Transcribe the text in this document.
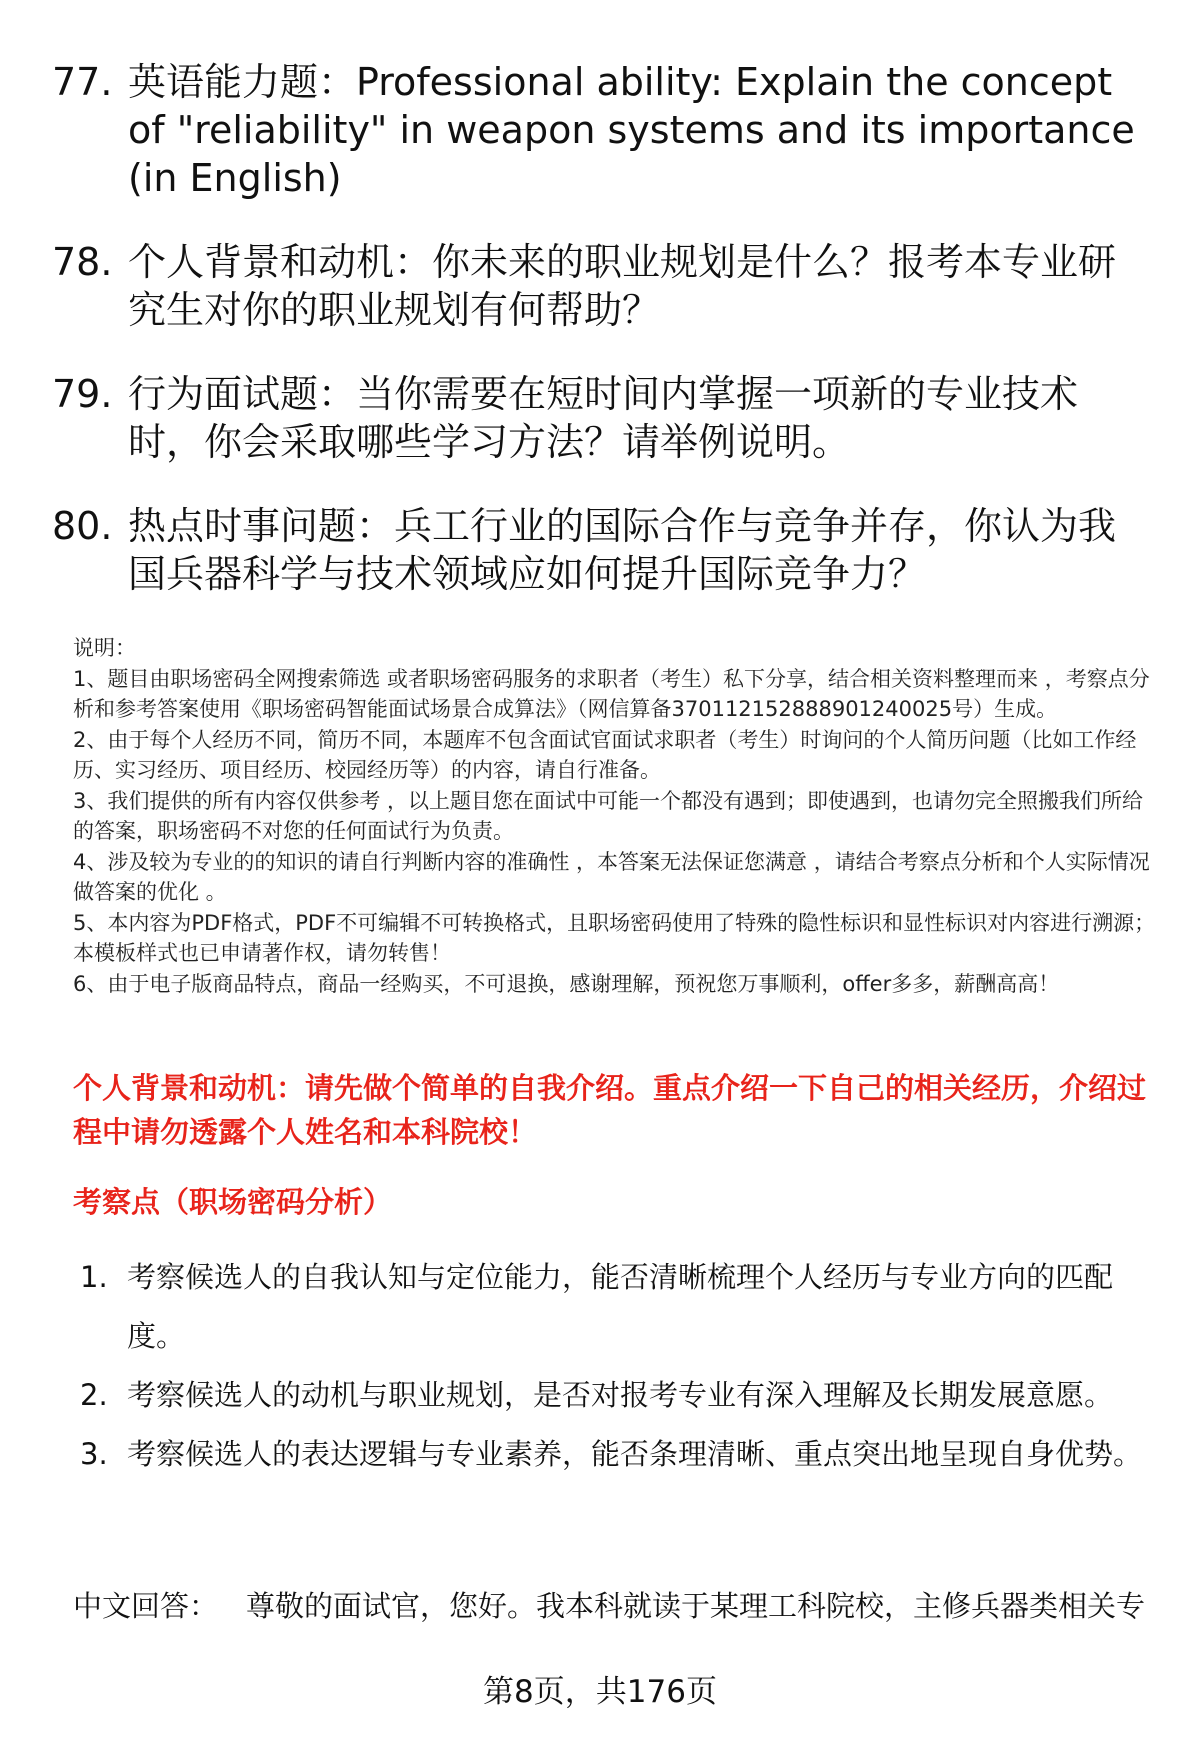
77. 英语能力题：Professional ability: Explain the concept of "reliability" in weapon systems and its importance (in English)
78. 个人背景和动机：你未来的职业规划是什么？报考本专业研究生对你的职业规划有何帮助？
79. 行为面试题：当你需要在短时间内掌握一项新的专业技术时，你会采取哪些学习方法？请举例说明。
80. 热点时事问题：兵工行业的国际合作与竞争并存，你认为我国兵器科学与技术领域应如何提升国际竞争力？

说明：

1、题目由职场密码全网搜索筛选 或者职场密码服务的求职者（考生）私下分享，结合相关资料整理而来 ，考察点分析和参考答案使用《职场密码智能面试场景合成算法》（网信算备370112152888901240025号）生成。

2、由于每个人经历不同，简历不同，本题库不包含面试官面试求职者（考生）时询问的个人简历问题（比如工作经历、实习经历、项目经历、校园经历等）的内容，请自行准备。

3、我们提供的所有内容仅供参考 ，以上题目您在面试中可能一个都没有遇到；即使遇到，也请勿完全照搬我们所给的答案，职场密码不对您的任何面试行为负责。

4、涉及较为专业的的知识的请自行判断内容的准确性 ，本答案无法保证您满意 ，请结合考察点分析和个人实际情况做答案的优化 。

5、本内容为PDF格式，PDF不可编辑不可转换格式，且职场密码使用了特殊的隐性标识和显性标识对内容进行溯源；本模板样式也已申请著作权，请勿转售！

6、由于电子版商品特点，商品一经购买，不可退换，感谢理解，预祝您万事顺利，offer多多，薪酬高高！

个人背景和动机：请先做个简单的自我介绍。重点介绍一下自己的相关经历，介绍过程中请勿透露个人姓名和本科院校！
考察点（职场密码分析）
1. 考察候选人的自我认知与定位能力，能否清晰梳理个人经历与专业方向的匹配度。
2. 考察候选人的动机与职业规划，是否对报考专业有深入理解及长期发展意愿。
3. 考察候选人的表达逻辑与专业素养，能否条理清晰、重点突出地呈现自身优势。
中文回答： 尊敬的面试官，您好。我本科就读于某理工科院校，主修兵器类相关专
第8页，共176页
